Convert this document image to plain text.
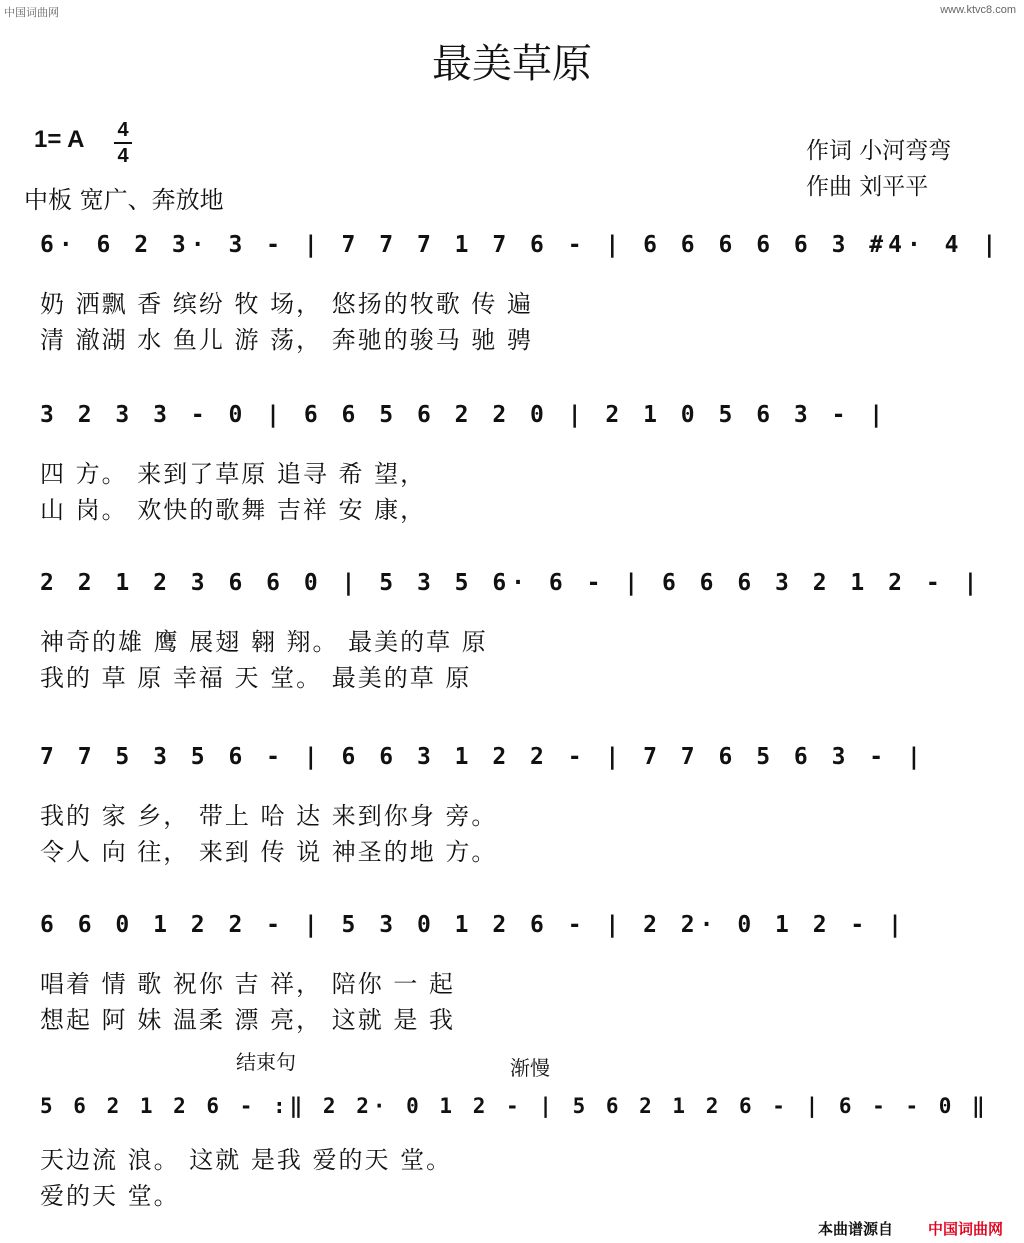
中国词曲网	www.ktvc8.com
最美草原
1= A 4
4
中板 宽广、奔放地
作词 小河弯弯
作曲 刘平平
6· 6 2 3· 3 - | 7 7 7 1 7 6 - | 6 6 6 6 6 3 #4· 4 |
奶 洒飘 香 缤纷 牧 场， 悠扬的牧歌 传 遍
清 澈湖 水 鱼儿 游 荡， 奔驰的骏马 驰 骋
3 2 3 3 - 0 | 6 6 5 6 2 2 0 | 2 1 0 5 6 3 - |
四 方。 来到了草原 追寻 希 望，
山 岗。 欢快的歌舞 吉祥 安 康，
2 2 1 2 3 6 6 0 | 5 3 5 6· 6 - | 6 6 6 3 2 1 2 - |
神奇的雄 鹰 展翅 翱 翔。 最美的草 原
我的 草 原 幸福 天 堂。 最美的草 原
7 7 5 3 5 6 - | 6 6 3 1 2 2 - | 7 7 6 5 6 3 - |
我的 家 乡， 带上 哈 达 来到你身 旁。
令人 向 往， 来到 传 说 神圣的地 方。
6 6 0 1 2 2 - | 5 3 0 1 2 6 - | 2 2· 0 1 2 - |
唱着 情 歌 祝你 吉 祥， 陪你 一 起
想起 阿 妹 温柔 漂 亮， 这就 是 我
结束句	渐慢
5 6 2 1 2 6 - :‖ 2 2· 0 1 2 - | 5 6 2 1 2 6 - | 6 - - 0 ‖
天边流 浪。 这就 是我 爱的天 堂。
爱的天 堂。
本曲谱源自 中国词曲网
